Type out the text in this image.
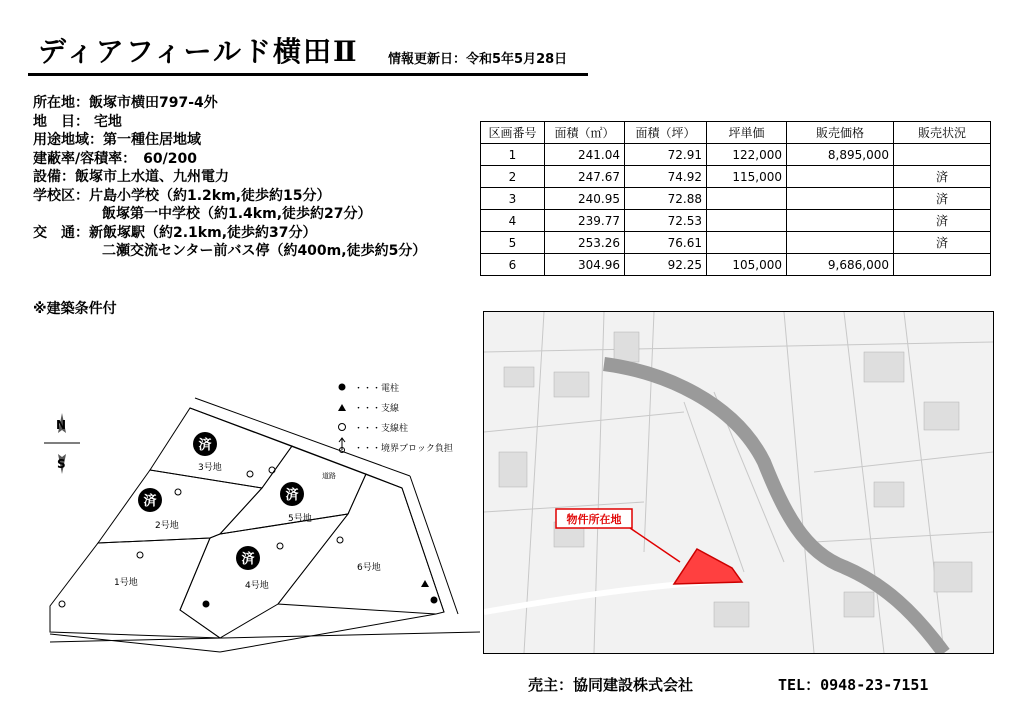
ディアフィールド横田Ⅱ 情報更新日：令和5年5月28日
所在地：飯塚市横田797-4外
地　目： 宅地
用途地域：第一種住居地域
建蔽率/容積率：　60/200
設備：飯塚市上水道、九州電力
学校区：片島小学校（約1.2km,徒歩約15分）
飯塚第一中学校（約1.4km,徒歩約27分）
交　通：新飯塚駅（約2.1km,徒歩約37分）
二瀬交流センター前バス停（約400m,徒歩約5分）
※建築条件付
区画番号	面積（㎡）	面積（坪）	坪単価	販売価格	販売状況
1	241.04	72.91	122,000	8,895,000	
2	247.67	74.92	115,000		済
3	240.95	72.88			済
4	239.77	72.53			済
5	253.26	76.61			済
6	304.96	92.25	105,000	9,686,000	
N
S
・・・電柱
・・・支線
・・・支線柱
・・・境界ブロック負担
道路
済
済	済
済
3号地
2号地
5号地
4号地
1号地
6号地
物件所在地
売主：協同建設株式会社	TEL：0948-23-7151
